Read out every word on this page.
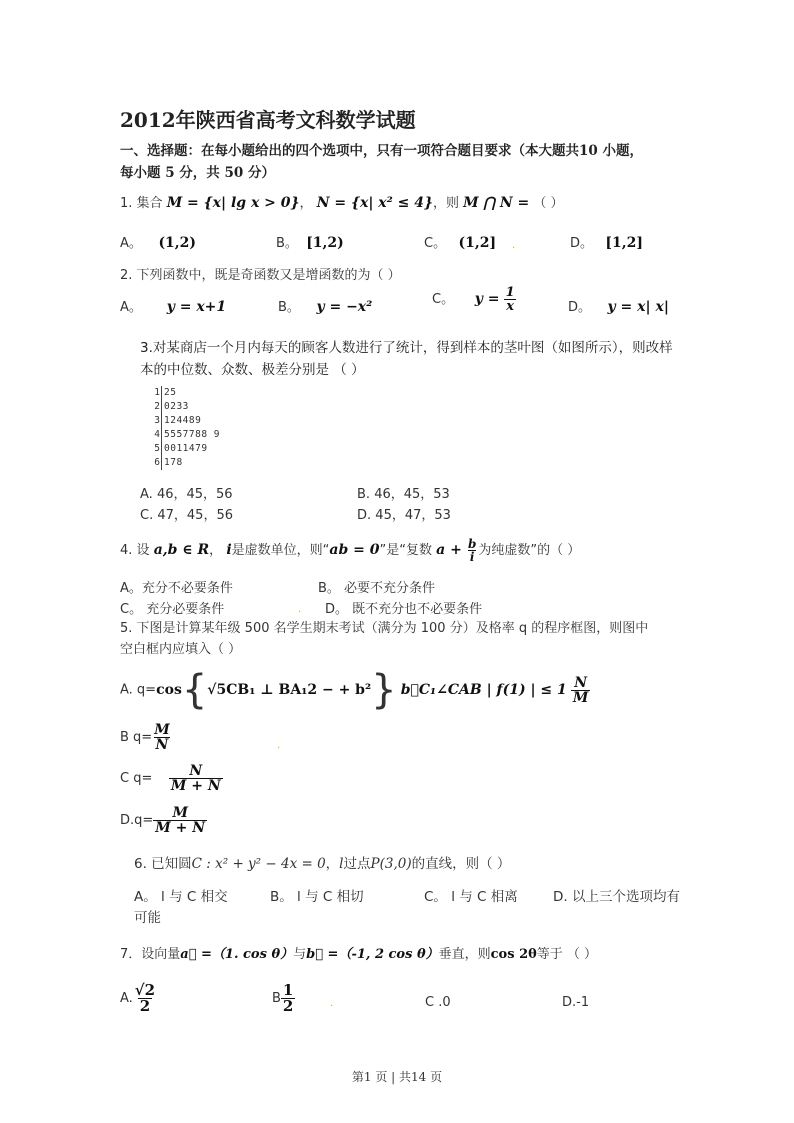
2012年陕西省高考文科数学试题
一、选择题：在每小题给出的四个选项中，只有一项符合题目要求（本大题共10 小题，
每小题 5 分，共 50 分）
1. 集合 M = {x| lg x > 0}， N = {x| x² ≤ 4}，则 M ⋂ N = （ ）
A。 (1,2)	B。 [1,2)	C。 (1,2]	D。 [1,2]
2. 下列函数中，既是奇函数又是增函数的为（ ）
A。 y = x+1	B。 y = −x²	C。 $y = \frac{1}{x}$	D。 y = x| x|
3.对某商店一个月内每天的顾客人数进行了统计，得到样本的茎叶图（如图所示），则改样
本的中位数、众数、极差分别是 （ ）
1 25
2 0233
3 124489
4 5557788 9
5 0011479
6 178
A. 46，45，56	B. 46，45，53
C. 47，45，56	D. 45，47，53
4. 设 a,b ∈ R， i是虚数单位，则“ab = 0”是“复数 $a + \frac{b}{i}$ 为纯虚数”的（ ）
A。充分不必要条件	B。 必要不充分条件
C。 充分必要条件	D。 既不充分也不必要条件
5. 下图是计算某年级 500 名学生期末考试（满分为 100 分）及格率 q 的程序框图，则图中
空白框内应填入（ ）
A. q=cos{√5CB₁ ⊥ BA₁2 − + b²} b⃗C₁∠CAB | f(1) | ≤ $1 \frac{N}{M}$
B $q= \frac{M}{N}$
C $q= \frac{N}{M + N}$
$D.q= \frac{M}{M + N}$
6. 已知圆C : x² + y² − 4x = 0，l过点P(3,0)的直线，则（ ）
A。 l 与 C 相交	B。 l 与 C 相切	C。 l 与 C 相离	D. 以上三个选项均有
可能
7．设向量a⃗ =（1. cos θ）与b⃗ =（-1, 2 cos θ）垂直，则cos 2θ等于 （ ）
A. $\frac{√2}{2}$	B $\frac{1}{2}$	C .0	D.-1
.
.
.
.
第1 页 | 共14 页
